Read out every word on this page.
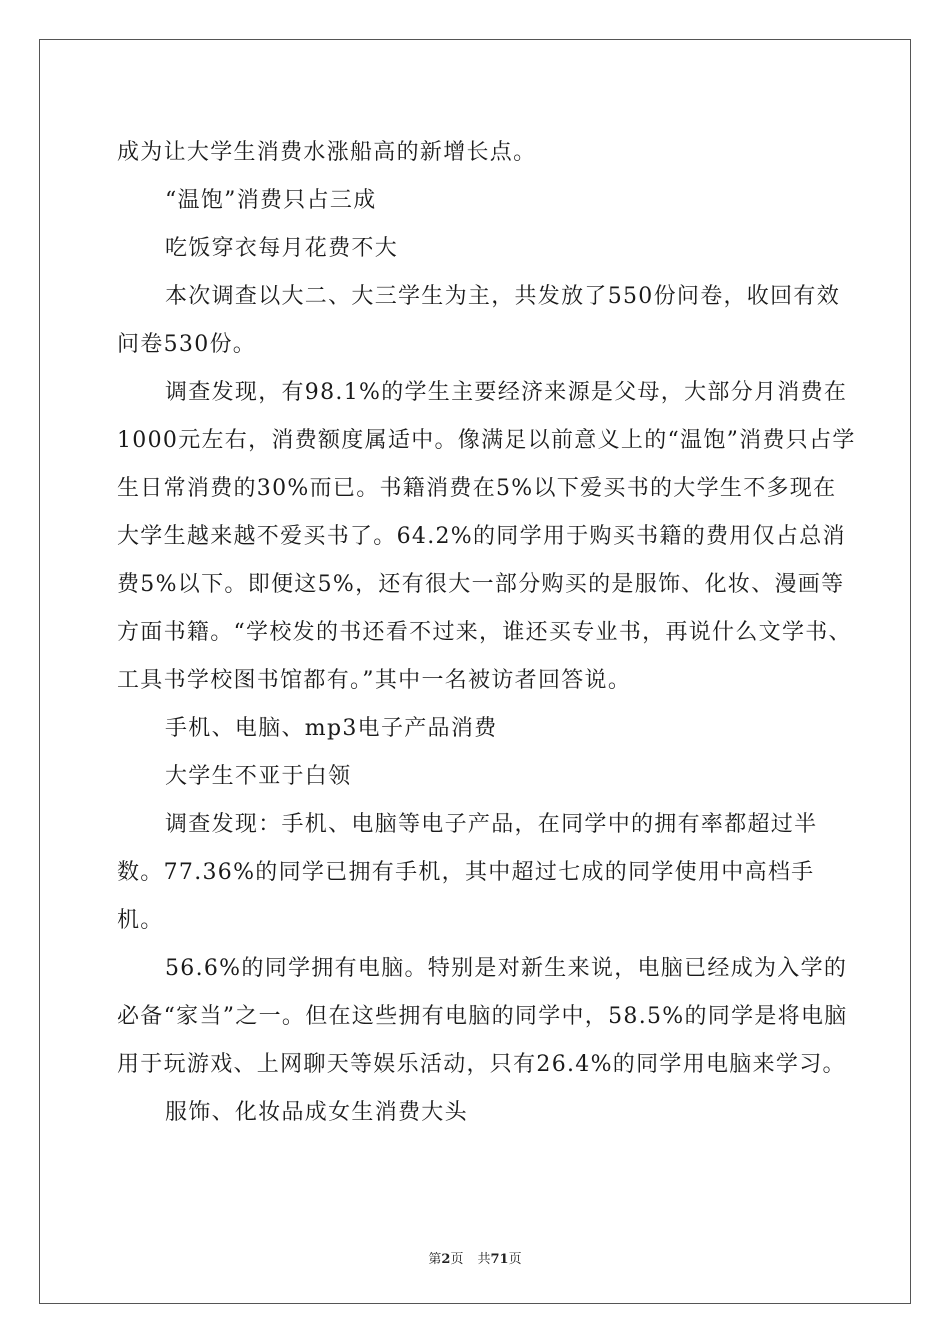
成为让大学生消费水涨船高的新增长点。

“温饱”消费只占三成

吃饭穿衣每月花费不大

本次调查以大二、大三学生为主，共发放了550份问卷，收回有效问卷530份。

调查发现，有98.1%的学生主要经济来源是父母，大部分月消费在1000元左右，消费额度属适中。像满足以前意义上的“温饱”消费只占学生日常消费的30%而已。书籍消费在5%以下爱买书的大学生不多现在大学生越来越不爱买书了。64.2%的同学用于购买书籍的费用仅占总消费5%以下。即便这5%，还有很大一部分购买的是服饰、化妆、漫画等方面书籍。“学校发的书还看不过来，谁还买专业书，再说什么文学书、工具书学校图书馆都有。”其中一名被访者回答说。

手机、电脑、mp3电子产品消费

大学生不亚于白领

调查发现：手机、电脑等电子产品，在同学中的拥有率都超过半数。77.36%的同学已拥有手机，其中超过七成的同学使用中高档手机。

56.6%的同学拥有电脑。特别是对新生来说，电脑已经成为入学的必备“家当”之一。但在这些拥有电脑的同学中，58.5%的同学是将电脑用于玩游戏、上网聊天等娱乐活动，只有26.4%的同学用电脑来学习。

服饰、化妆品成女生消费大头

第2页 共71页
